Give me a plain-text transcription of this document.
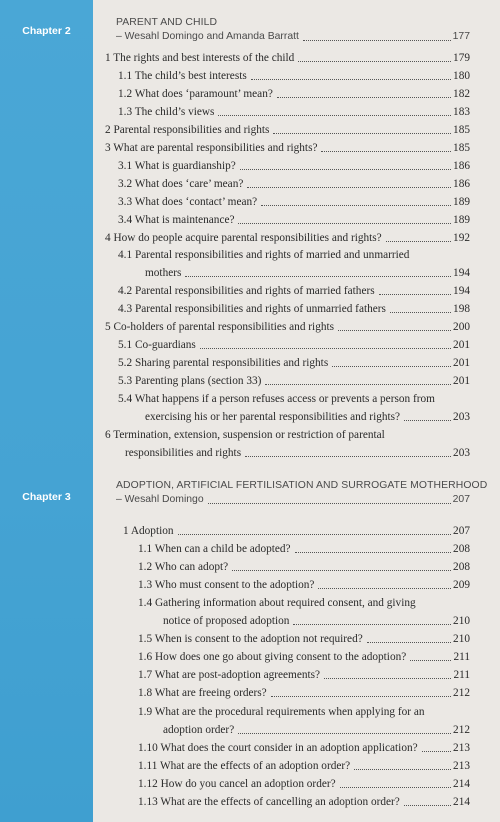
Chapter 2
PARENT AND CHILD
– Wesahl Domingo and Amanda Barratt	177
Chapter 3
ADOPTION, ARTIFICIAL FERTILISATION AND SURROGATE MOTHERHOOD
– Wesahl Domingo	207
1 The rights and best interests of the child	179
1.1 The child’s best interests	180
1.2 What does ‘paramount’ mean?	182
1.3 The child’s views	183
2 Parental responsibilities and rights	185
3 What are parental responsibilities and rights?	185
3.1 What is guardianship?	186
3.2 What does ‘care’ mean?	186
3.3 What does ‘contact’ mean?	189
3.4 What is maintenance?	189
4 How do people acquire parental responsibilities and rights?	192
4.1 Parental responsibilities and rights of married and unmarried
mothers	194
4.2 Parental responsibilities and rights of married fathers	194
4.3 Parental responsibilities and rights of unmarried fathers	198
5 Co-holders of parental responsibilities and rights	200
5.1 Co-guardians	201
5.2 Sharing parental responsibilities and rights	201
5.3 Parenting plans (section 33)	201
5.4 What happens if a person refuses access or prevents a person from
exercising his or her parental responsibilities and rights?	203
6 Termination, extension, suspension or restriction of parental
responsibilities and rights	203
1 Adoption	207
1.1 When can a child be adopted?	208
1.2 Who can adopt?	208
1.3 Who must consent to the adoption?	209
1.4 Gathering information about required consent, and giving
notice of proposed adoption	210
1.5 When is consent to the adoption not required?	210
1.6 How does one go about giving consent to the adoption?	211
1.7 What are post-adoption agreements?	211
1.8 What are freeing orders?	212
1.9 What are the procedural requirements when applying for an
adoption order?	212
1.10 What does the court consider in an adoption application?	213
1.11 What are the effects of an adoption order?	213
1.12 How do you cancel an adoption order?	214
1.13 What are the effects of cancelling an adoption order?	214
